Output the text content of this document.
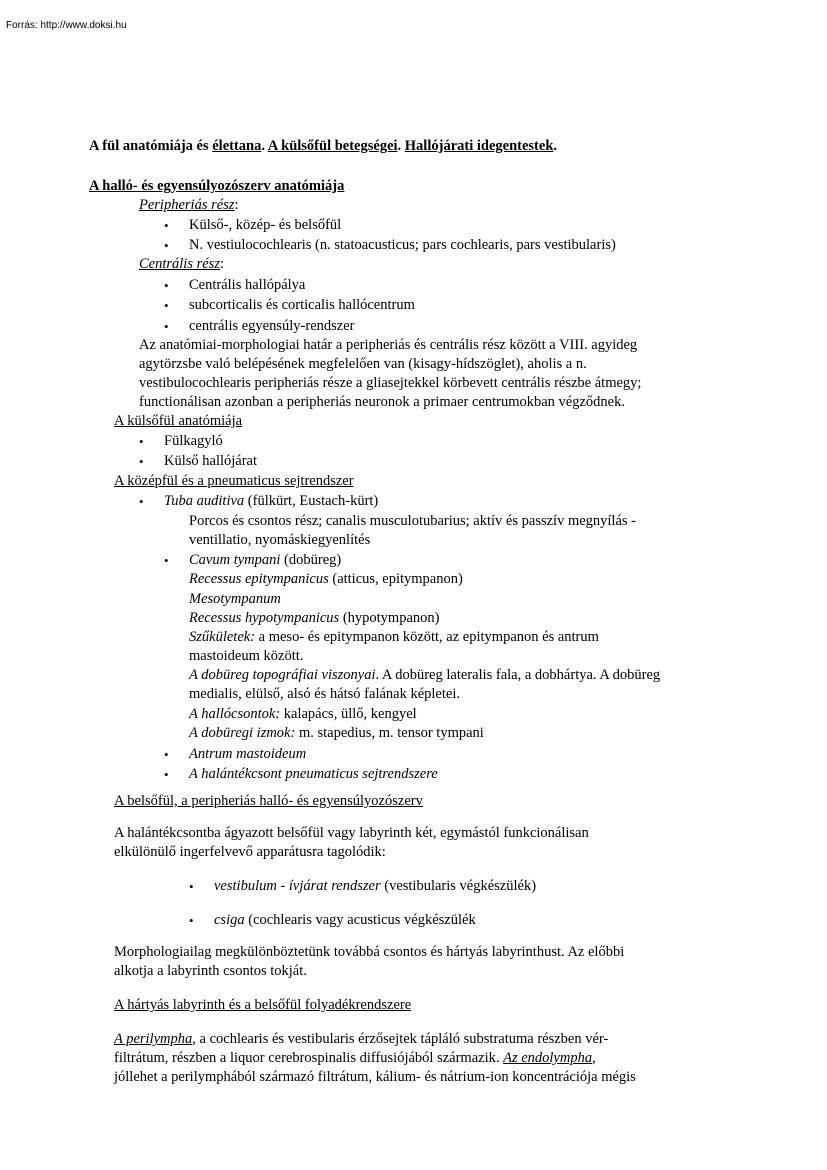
Forrás: http://www.doksi.hu
A fül anatómiája és élettana. A külsőfül betegségei. Hallójárati idegentestek.
A halló- és egyensúlyozószerv anatómiája
Peripheriás rész:
• Külső-, közép- és belsőfül
• N. vestiulocochlearis (n. statoacusticus; pars cochlearis, pars vestibularis)
Centrális rész:
• Centrális hallópálya
• subcorticalis és corticalis hallócentrum
• centrális egyensúly-rendszer
Az anatómiai-morphologiai határ a peripheriás és centrális rész között a VIII. agyideg
agytörzsbe való belépésének megfelelően van (kisagy-hídszöglet), aholis a n.
vestibulocochlearis peripheriás része a gliasejtekkel körbevett centrális részbe átmegy;
functionálisan azonban a peripheriás neuronok a primaer centrumokban végződnek.
A külsőfül anatómiája
• Fülkagyló
• Külső hallójárat
A középfül és a pneumaticus sejtrendszer
• Tuba auditiva (fülkürt, Eustach-kürt)
Porcos és csontos rész; canalis musculotubarius; aktív és passzív megnyílás -
ventillatio, nyomáskiegyenlítés
• Cavum tympani (dobüreg)
Recessus epitympanicus (atticus, epitympanon)
Mesotympanum
Recessus hypotympanicus (hypotympanon)
Szűkületek: a meso- és epitympanon között, az epitympanon és antrum
mastoideum között.
A dobüreg topográfiai viszonyai. A dobüreg lateralis fala, a dobhártya. A dobüreg
medialis, elülső, alsó és hátsó falának képletei.
A hallócsontok: kalapács, üllő, kengyel
A dobüregi izmok: m. stapedius, m. tensor tympani
• Antrum mastoideum
• A halántékcsont pneumaticus sejtrendszere
A belsőfül, a peripheriás halló- és egyensúlyozószerv
A halántékcsontba ágyazott belsőfül vagy labyrinth két, egymástól funkcionálisan
elkülönülő ingerfelvevő apparátusra tagolódik:
• vestibulum - ívjárat rendszer (vestibularis végkészülék)
• csiga (cochlearis vagy acusticus végkészülék
Morphologiailag megkülönböztetünk továbbá csontos és hártyás labyrinthust. Az előbbi
alkotja a labyrinth csontos tokját.
A hártyás labyrinth és a belsőfül folyadékrendszere
A perilympha, a cochlearis és vestibularis érzősejtek tápláló substratuma részben vér-
filtrátum, részben a liquor cerebrospinalis diffusiójából származik. Az endolympha,
jóllehet a perilymphából származó filtrátum, kálium- és nátrium-ion koncentrációja mégis
